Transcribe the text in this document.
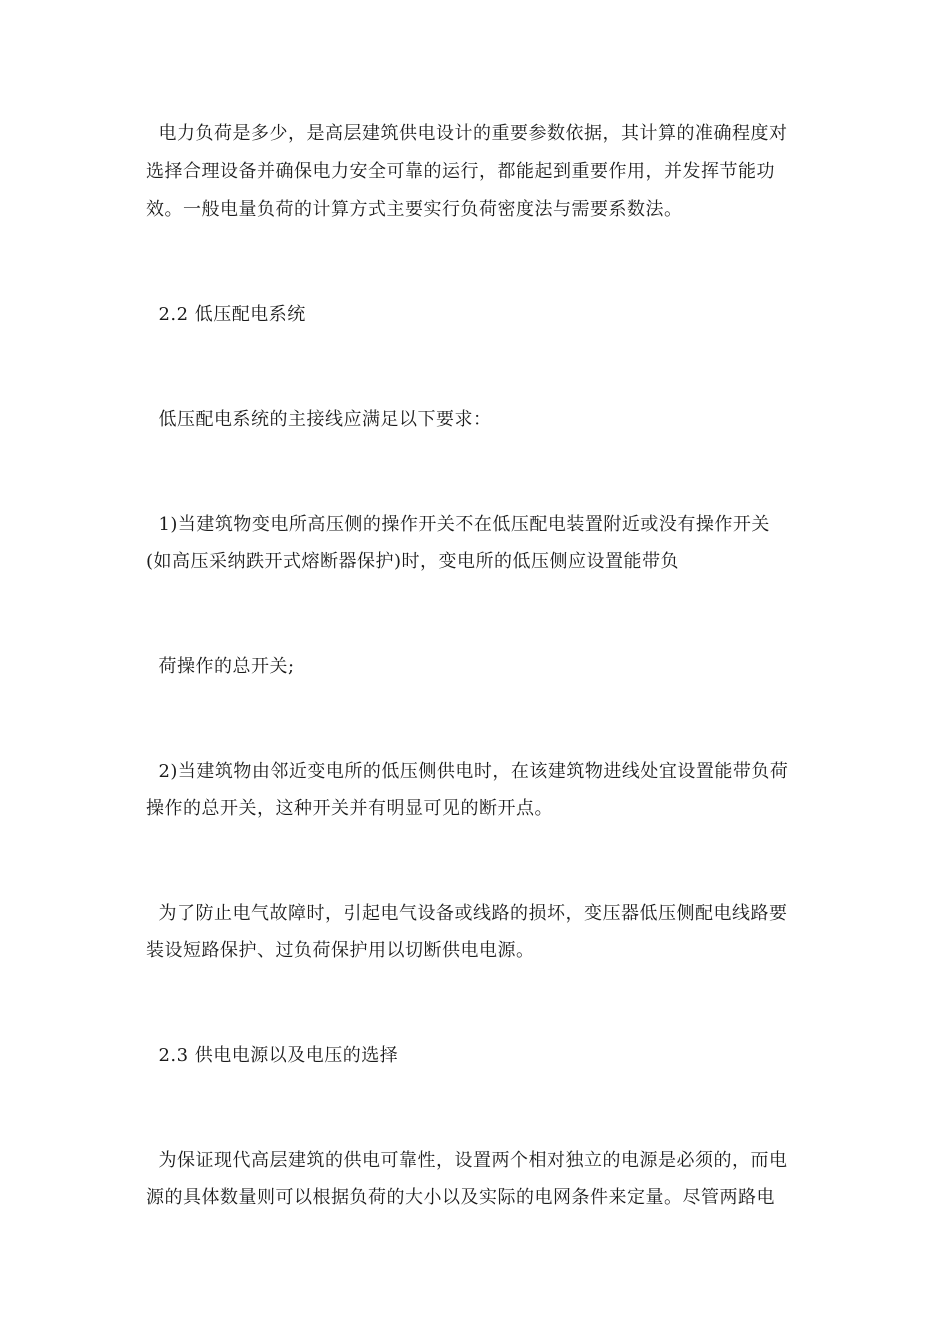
电力负荷是多少，是高层建筑供电设计的重要参数依据，其计算的准确程度对
选择合理设备并确保电力安全可靠的运行，都能起到重要作用，并发挥节能功
效。一般电量负荷的计算方式主要实行负荷密度法与需要系数法。
2.2 低压配电系统
低压配电系统的主接线应满足以下要求：
1)当建筑物变电所高压侧的操作开关不在低压配电装置附近或没有操作开关
(如高压采纳跌开式熔断器保护)时，变电所的低压侧应设置能带负
荷操作的总开关;
2)当建筑物由邻近变电所的低压侧供电时，在该建筑物进线处宜设置能带负荷
操作的总开关，这种开关并有明显可见的断开点。
为了防止电气故障时，引起电气设备或线路的损坏，变压器低压侧配电线路要
装设短路保护、过负荷保护用以切断供电电源。
2.3 供电电源以及电压的选择
为保证现代高层建筑的供电可靠性，设置两个相对独立的电源是必须的，而电
源的具体数量则可以根据负荷的大小以及实际的电网条件来定量。尽管两路电
